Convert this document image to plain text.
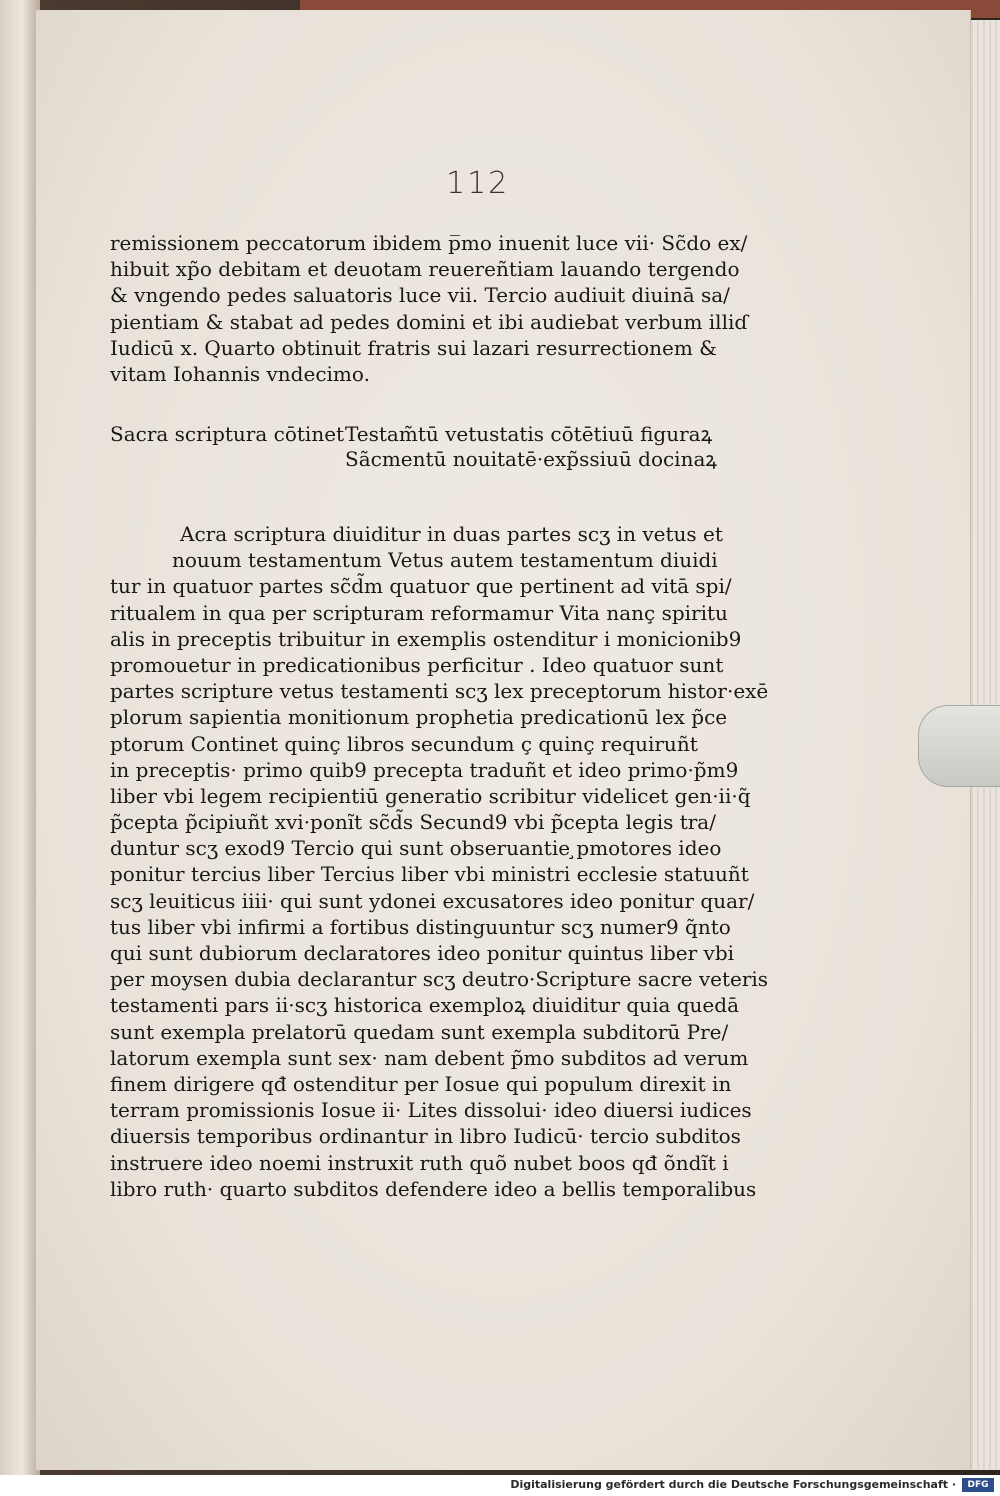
112
remissionem peccatorum ibidem p̅mo inuenit luce vii· Sc̃do ex/
hibuit xp̃o debitam et deuotam reuereñtiam lauando tergendo
& vngendo pedes saluatoris luce vii. Tercio audiuit diuinā sa/
pientiam & stabat ad pedes domini et ibi audiebat verbum illiɗ
Iudicū x. Quarto obtinuit fratris sui lazari resurrectionem &
vitam Iohannis vndecimo.
Sacra scriptura cōtinet Testam̃tū vetustatis cōtētiuū figuraꝝ
Sãcmentū nouitatē·exp̃ssiuū docinaꝝ
Acra scriptura diuiditur in duas partes scʒ in vetus et
nouum testamentum Vetus autem testamentum diuidi
tur in quatuor partes sc̃d̃m quatuor que pertinent ad vitā spi/
ritualem in qua per scripturam reformamur Vita nanç spiritu
alis in preceptis tribuitur in exemplis ostenditur i monicionib9
promouetur in predicationibus perficitur . Ideo quatuor sunt
partes scripture vetus testamenti scʒ lex preceptorum histor·exē
plorum sapientia monitionum prophetia predicationū lex p̃ce
ptorum Continet quinç libros secundum ç quinç requiruñt
in preceptis· primo quib9 precepta traduñt et ideo primo·p̃m9
liber vbi legem recipientiū generatio scribitur videlicet gen·ii·q̃
p̃cepta p̃cipiuñt xvi·ponĩt sc̃d̃s Secund9 vbi p̃cepta legis tra/
duntur scʒ exod9 Tercio qui sunt obseruantie ̧pmotores ideo
ponitur tercius liber Tercius liber vbi ministri ecclesie statuuñt
scʒ leuiticus iiii· qui sunt ydonei excusatores ideo ponitur quar/
tus liber vbi infirmi a fortibus distinguuntur scʒ numer9 q̃nto
qui sunt dubiorum declaratores ideo ponitur quintus liber vbi
per moysen dubia declarantur scʒ deutro·Scripture sacre veteris
testamenti pars ii·scʒ historica exemploꝝ diuiditur quia quedā
sunt exempla prelatorū quedam sunt exempla subditorū Pre/
latorum exempla sunt sex· nam debent p̃mo subditos ad verum
finem dirigere qđ ostenditur per Iosue qui populum direxit in
terram promissionis Iosue ii· Lites dissolui· ideo diuersi iudices
diuersis temporibus ordinantur in libro Iudicū· tercio subditos
instruere ideo noemi instruxit ruth quõ nubet boos qđ õndĩt i
libro ruth· quarto subditos defendere ideo a bellis temporalibus
Digitalisierung gefördert durch die Deutsche Forschungsgemeinschaft ·	DFG
